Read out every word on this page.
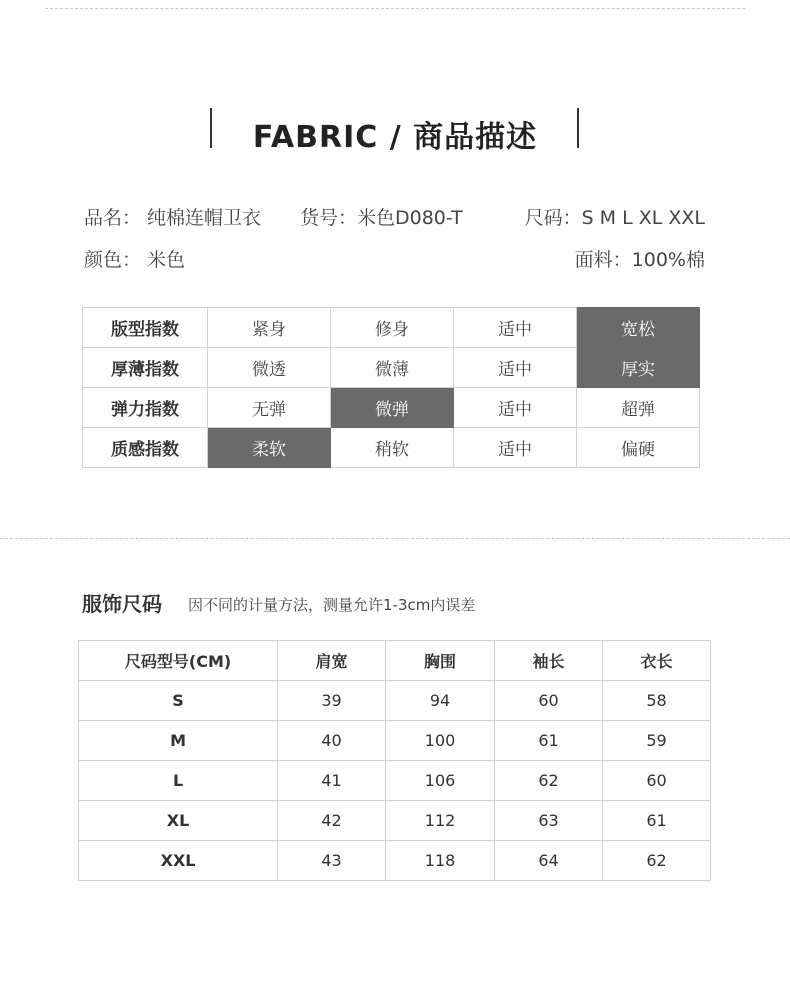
FABRIC / 商品描述
品名： 纯棉连帽卫衣 货号：米色D080-T	尺码：S M L XL XXL
颜色： 米色	面料：100%棉
版型指数	紧身	修身	适中	宽松
厚薄指数	微透	微薄	适中	厚实
弹力指数	无弹	微弹	适中	超弹
质感指数	柔软	稍软	适中	偏硬
服饰尺码 因不同的计量方法，测量允许1-3cm内误差
尺码型号(CM)	肩宽	胸围	袖长	衣长
S	39	94	60	58
M	40	100	61	59
L	41	106	62	60
XL	42	112	63	61
XXL	43	118	64	62
